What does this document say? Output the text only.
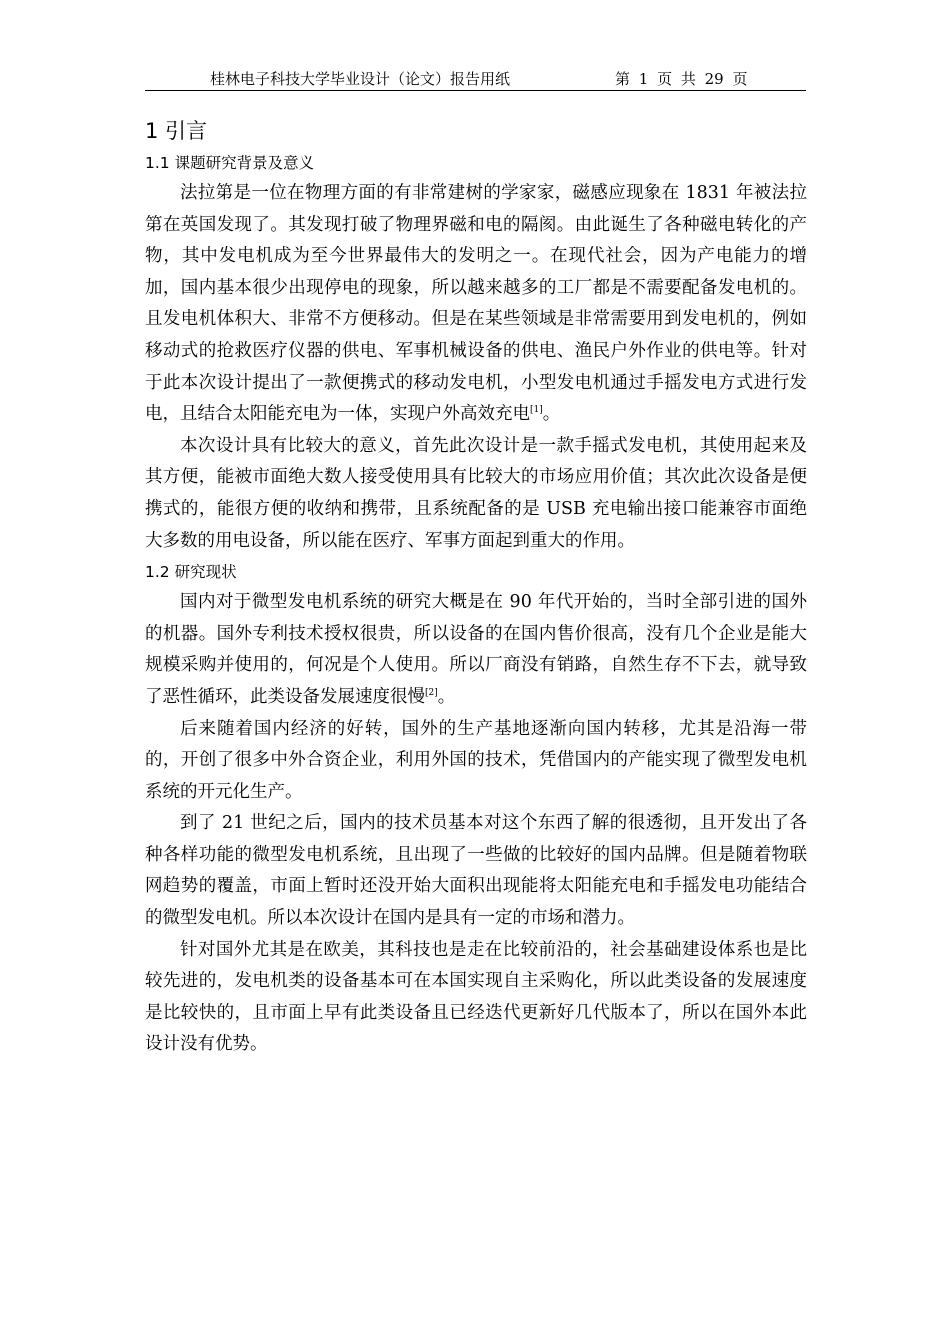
桂林电子科技大学毕业设计（论文）报告用纸	第 1 页 共 29 页
1 引言
1.1 课题研究背景及意义

法拉第是一位在物理方面的有非常建树的学家家，磁感应现象在 1831 年被法拉第在英国发现了。其发现打破了物理界磁和电的隔阂。由此诞生了各种磁电转化的产物，其中发电机成为至今世界最伟大的发明之一。在现代社会，因为产电能力的增加，国内基本很少出现停电的现象，所以越来越多的工厂都是不需要配备发电机的。且发电机体积大、非常不方便移动。但是在某些领域是非常需要用到发电机的，例如移动式的抢救医疗仪器的供电、军事机械设备的供电、渔民户外作业的供电等。针对于此本次设计提出了一款便携式的移动发电机，小型发电机通过手摇发电方式进行发电，且结合太阳能充电为一体，实现户外高效充电[1]。

本次设计具有比较大的意义，首先此次设计是一款手摇式发电机，其使用起来及其方便，能被市面绝大数人接受使用具有比较大的市场应用价值；其次此次设备是便携式的，能很方便的收纳和携带，且系统配备的是 USB 充电输出接口能兼容市面绝大多数的用电设备，所以能在医疗、军事方面起到重大的作用。

1.2 研究现状

国内对于微型发电机系统的研究大概是在 90 年代开始的，当时全部引进的国外的机器。国外专利技术授权很贵，所以设备的在国内售价很高，没有几个企业是能大规模采购并使用的，何况是个人使用。所以厂商没有销路，自然生存不下去，就导致了恶性循环，此类设备发展速度很慢[2]。

后来随着国内经济的好转，国外的生产基地逐渐向国内转移，尤其是沿海一带的，开创了很多中外合资企业，利用外国的技术，凭借国内的产能实现了微型发电机系统的开元化生产。

到了 21 世纪之后，国内的技术员基本对这个东西了解的很透彻，且开发出了各种各样功能的微型发电机系统，且出现了一些做的比较好的国内品牌。但是随着物联网趋势的覆盖，市面上暂时还没开始大面积出现能将太阳能充电和手摇发电功能结合的微型发电机。所以本次设计在国内是具有一定的市场和潜力。

针对国外尤其是在欧美，其科技也是走在比较前沿的，社会基础建设体系也是比较先进的，发电机类的设备基本可在本国实现自主采购化，所以此类设备的发展速度是比较快的，且市面上早有此类设备且已经迭代更新好几代版本了，所以在国外本此设计没有优势。
